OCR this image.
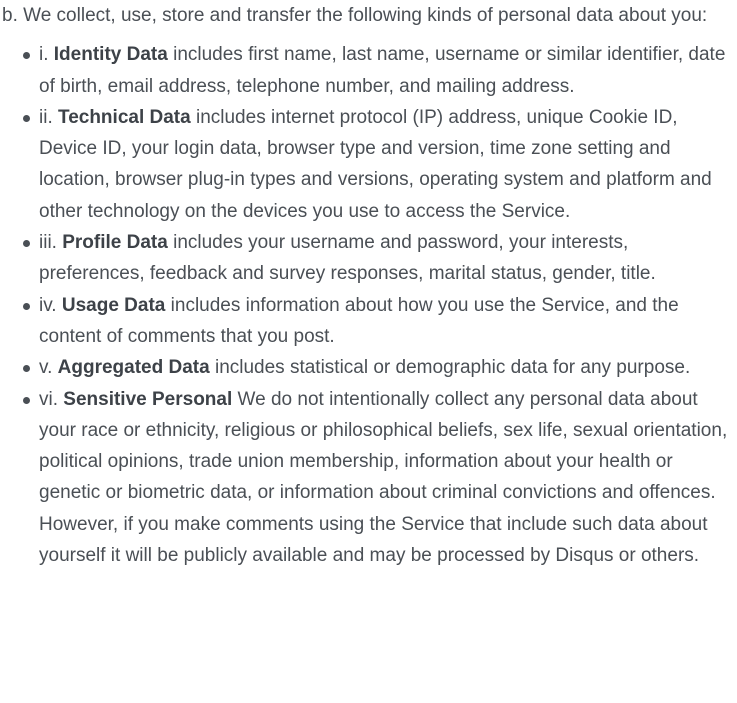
b. We collect, use, store and transfer the following kinds of personal data about you:

i. Identity Data includes first name, last name, username or similar identifier, date of birth, email address, telephone number, and mailing address.
ii. Technical Data includes internet protocol (IP) address, unique Cookie ID, Device ID, your login data, browser type and version, time zone setting and location, browser plug-in types and versions, operating system and platform and other technology on the devices you use to access the Service.
iii. Profile Data includes your username and password, your interests, preferences, feedback and survey responses, marital status, gender, title.
iv. Usage Data includes information about how you use the Service, and the content of comments that you post.
v. Aggregated Data includes statistical or demographic data for any purpose.
vi. Sensitive Personal We do not intentionally collect any personal data about your race or ethnicity, religious or philosophical beliefs, sex life, sexual orientation, political opinions, trade union membership, information about your health or genetic or biometric data, or information about criminal convictions and offences. However, if you make comments using the Service that include such data about yourself it will be publicly available and may be processed by Disqus or others.
